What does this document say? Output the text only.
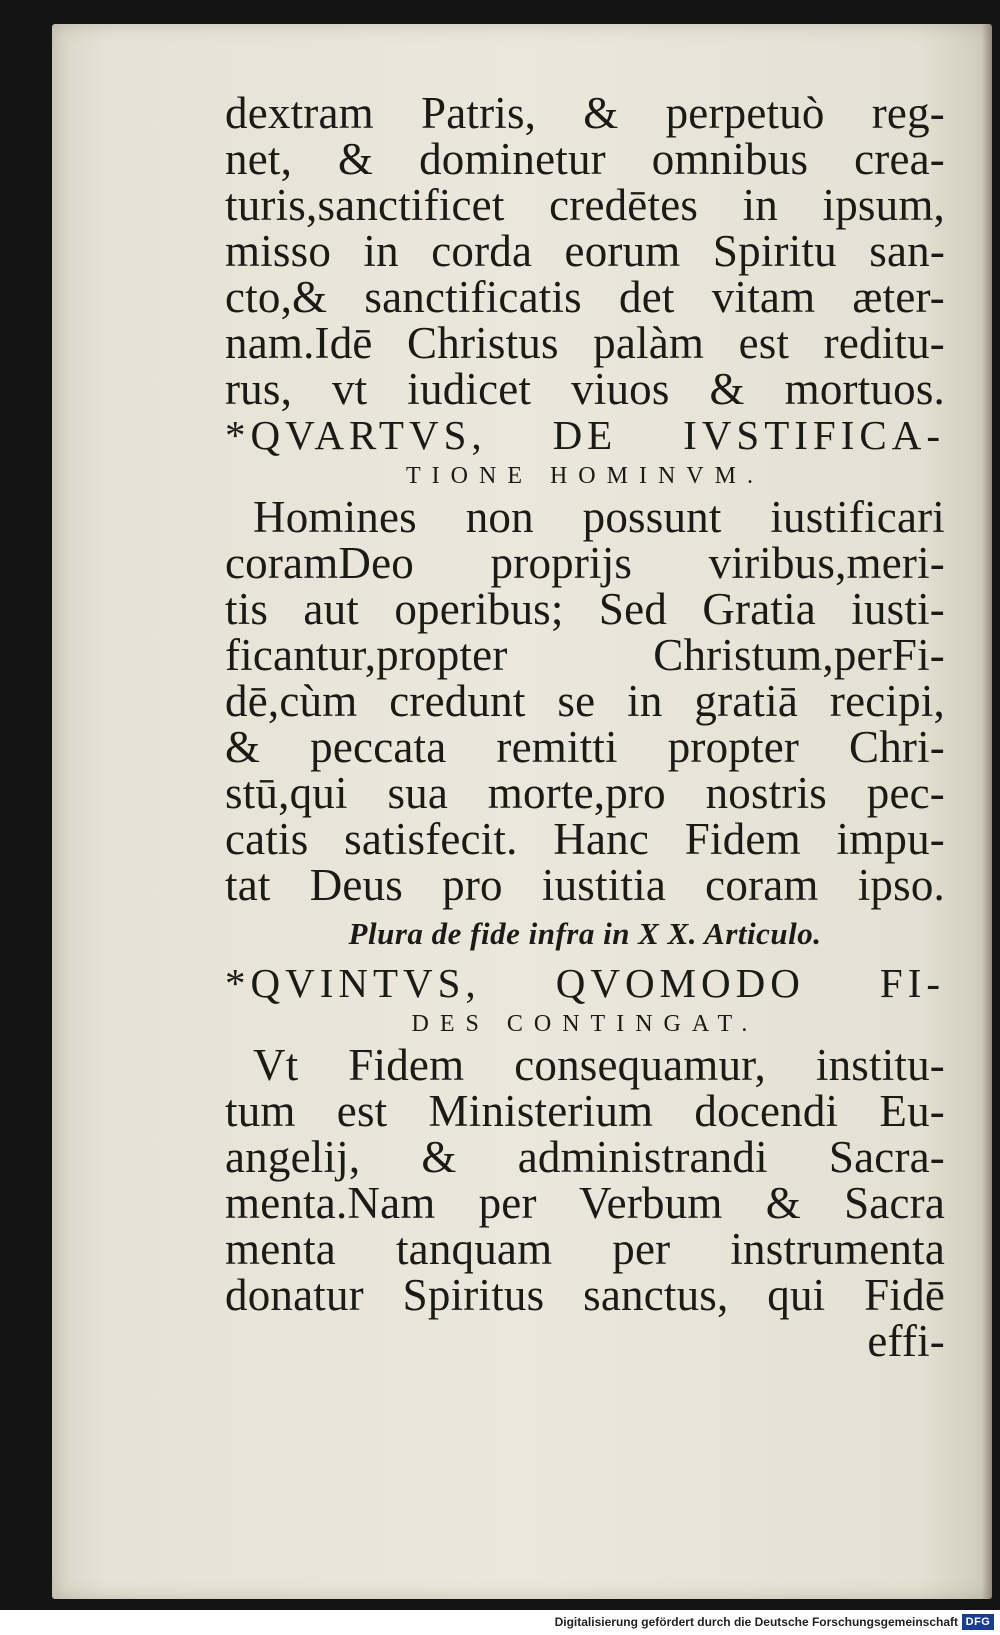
dextram Patris, & perpetuò reg-
net, & dominetur omnibus crea-
turis,sanctificet credētes in ipsum,
misso in corda eorum Spiritu san-
cto,& sanctificatis det vitam æter-
nam.Idē Christus palàm est reditu-
rus, vt iudicet viuos & mortuos.
*QVARTVS, DE IVSTIFICA-
TIONE HOMINVM.
Homines non possunt iustificari
coramDeo proprijs viribus,meri-
tis aut operibus; Sed Gratia iusti-
ficantur,propter Christum,perFi-
dē,cùm credunt se in gratiā recipi,
& peccata remitti propter Chri-
stū,qui sua morte,pro nostris pec-
catis satisfecit. Hanc Fidem impu-
tat Deus pro iustitia coram ipso.
Plura de fide infra in X X. Articulo.
*QVINTVS, QVOMODO FI-
DES CONTINGAT.
Vt Fidem consequamur, institu-
tum est Ministerium docendi Eu-
angelij, & administrandi Sacra-
menta.Nam per Verbum & Sacra
menta tanquam per instrumenta
donatur Spiritus sanctus, qui Fidē
effi-
Digitalisierung gefördert durch die Deutsche Forschungsgemeinschaft DFG
